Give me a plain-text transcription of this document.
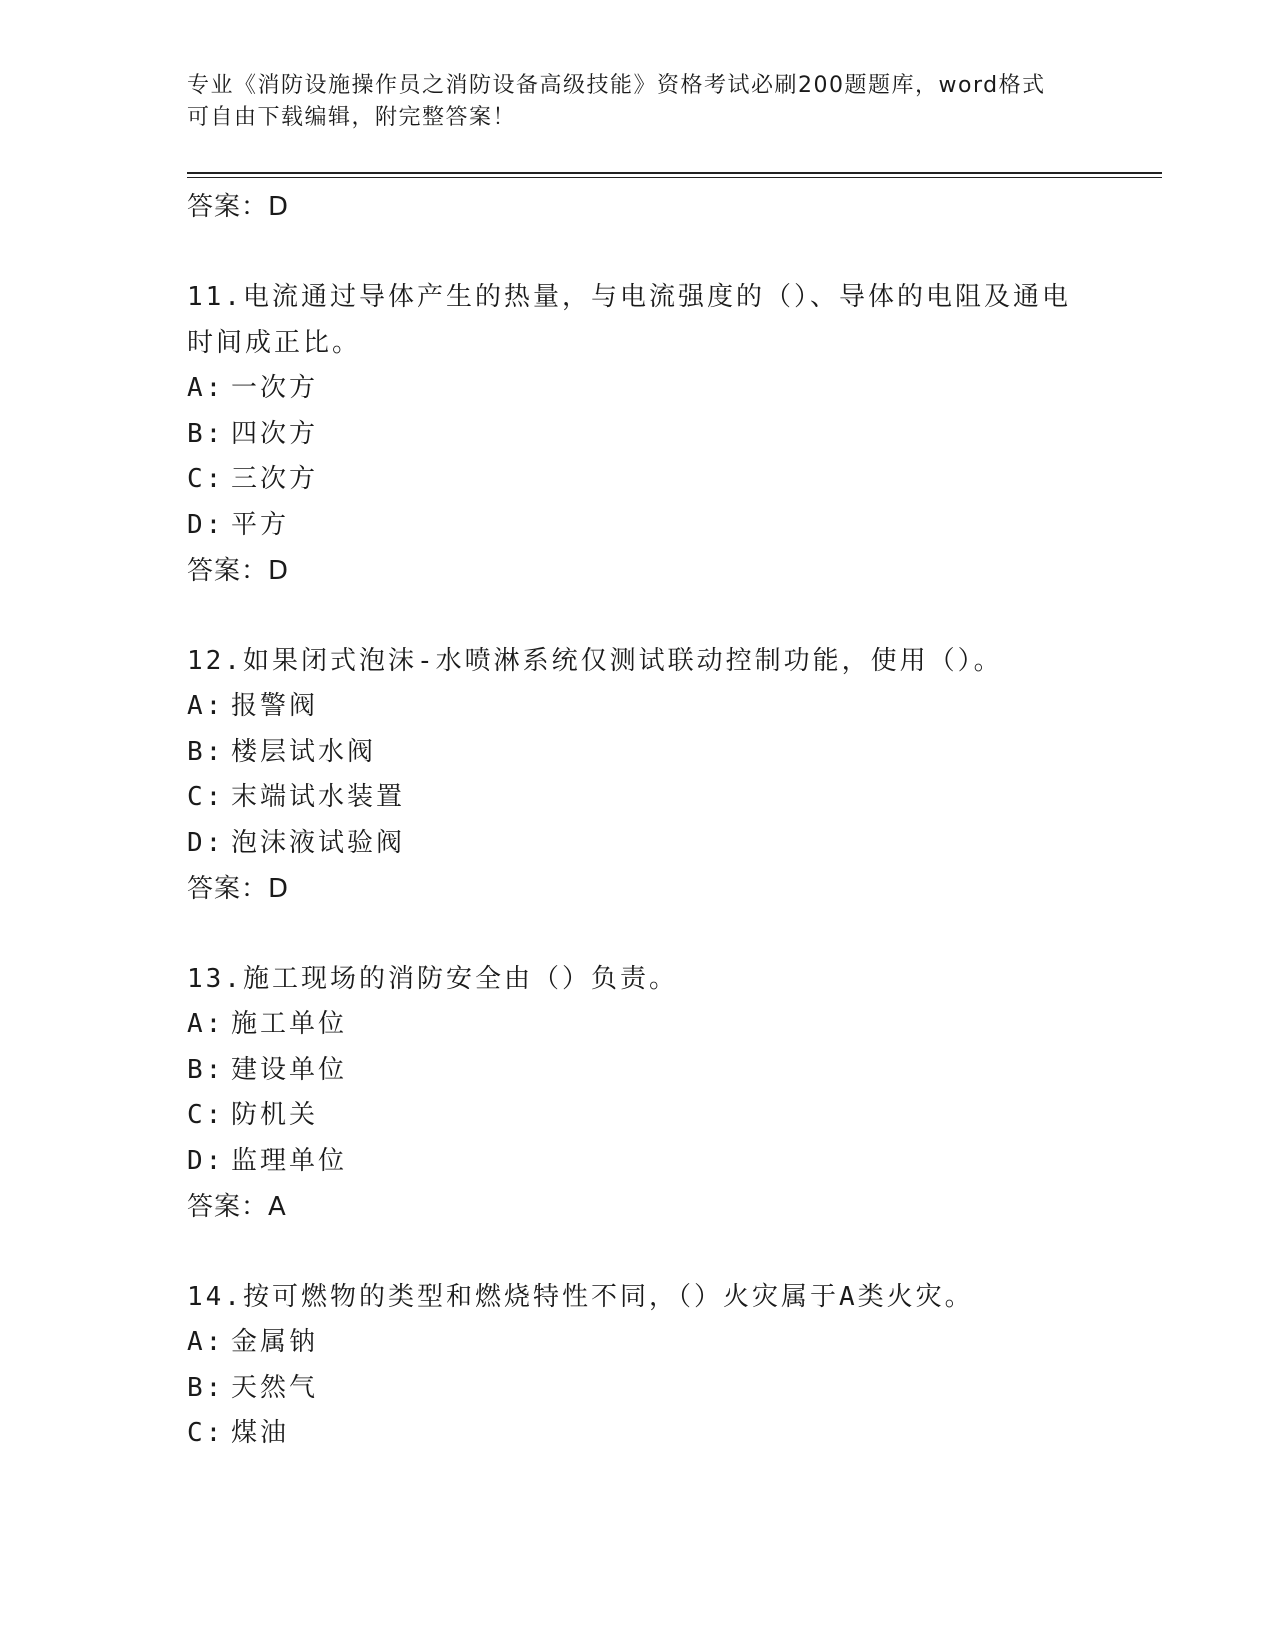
专业《消防设施操作员之消防设备高级技能》资格考试必刷200题题库，word格式可自由下载编辑，附完整答案！

答案：D

11.电流通过导体产生的热量，与电流强度的（）、导体的电阻及通电时间成正比。

A: 一次方

B: 四次方

C: 三次方

D: 平方

答案：D

12.如果闭式泡沫-水喷淋系统仅测试联动控制功能，使用（）。

A: 报警阀

B: 楼层试水阀

C: 末端试水装置

D: 泡沫液试验阀

答案：D

13.施工现场的消防安全由（）负责。

A: 施工单位

B: 建设单位

C: 防机关

D: 监理单位

答案：A

14.按可燃物的类型和燃烧特性不同，（）火灾属于A类火灾。

A: 金属钠

B: 天然气

C: 煤油
